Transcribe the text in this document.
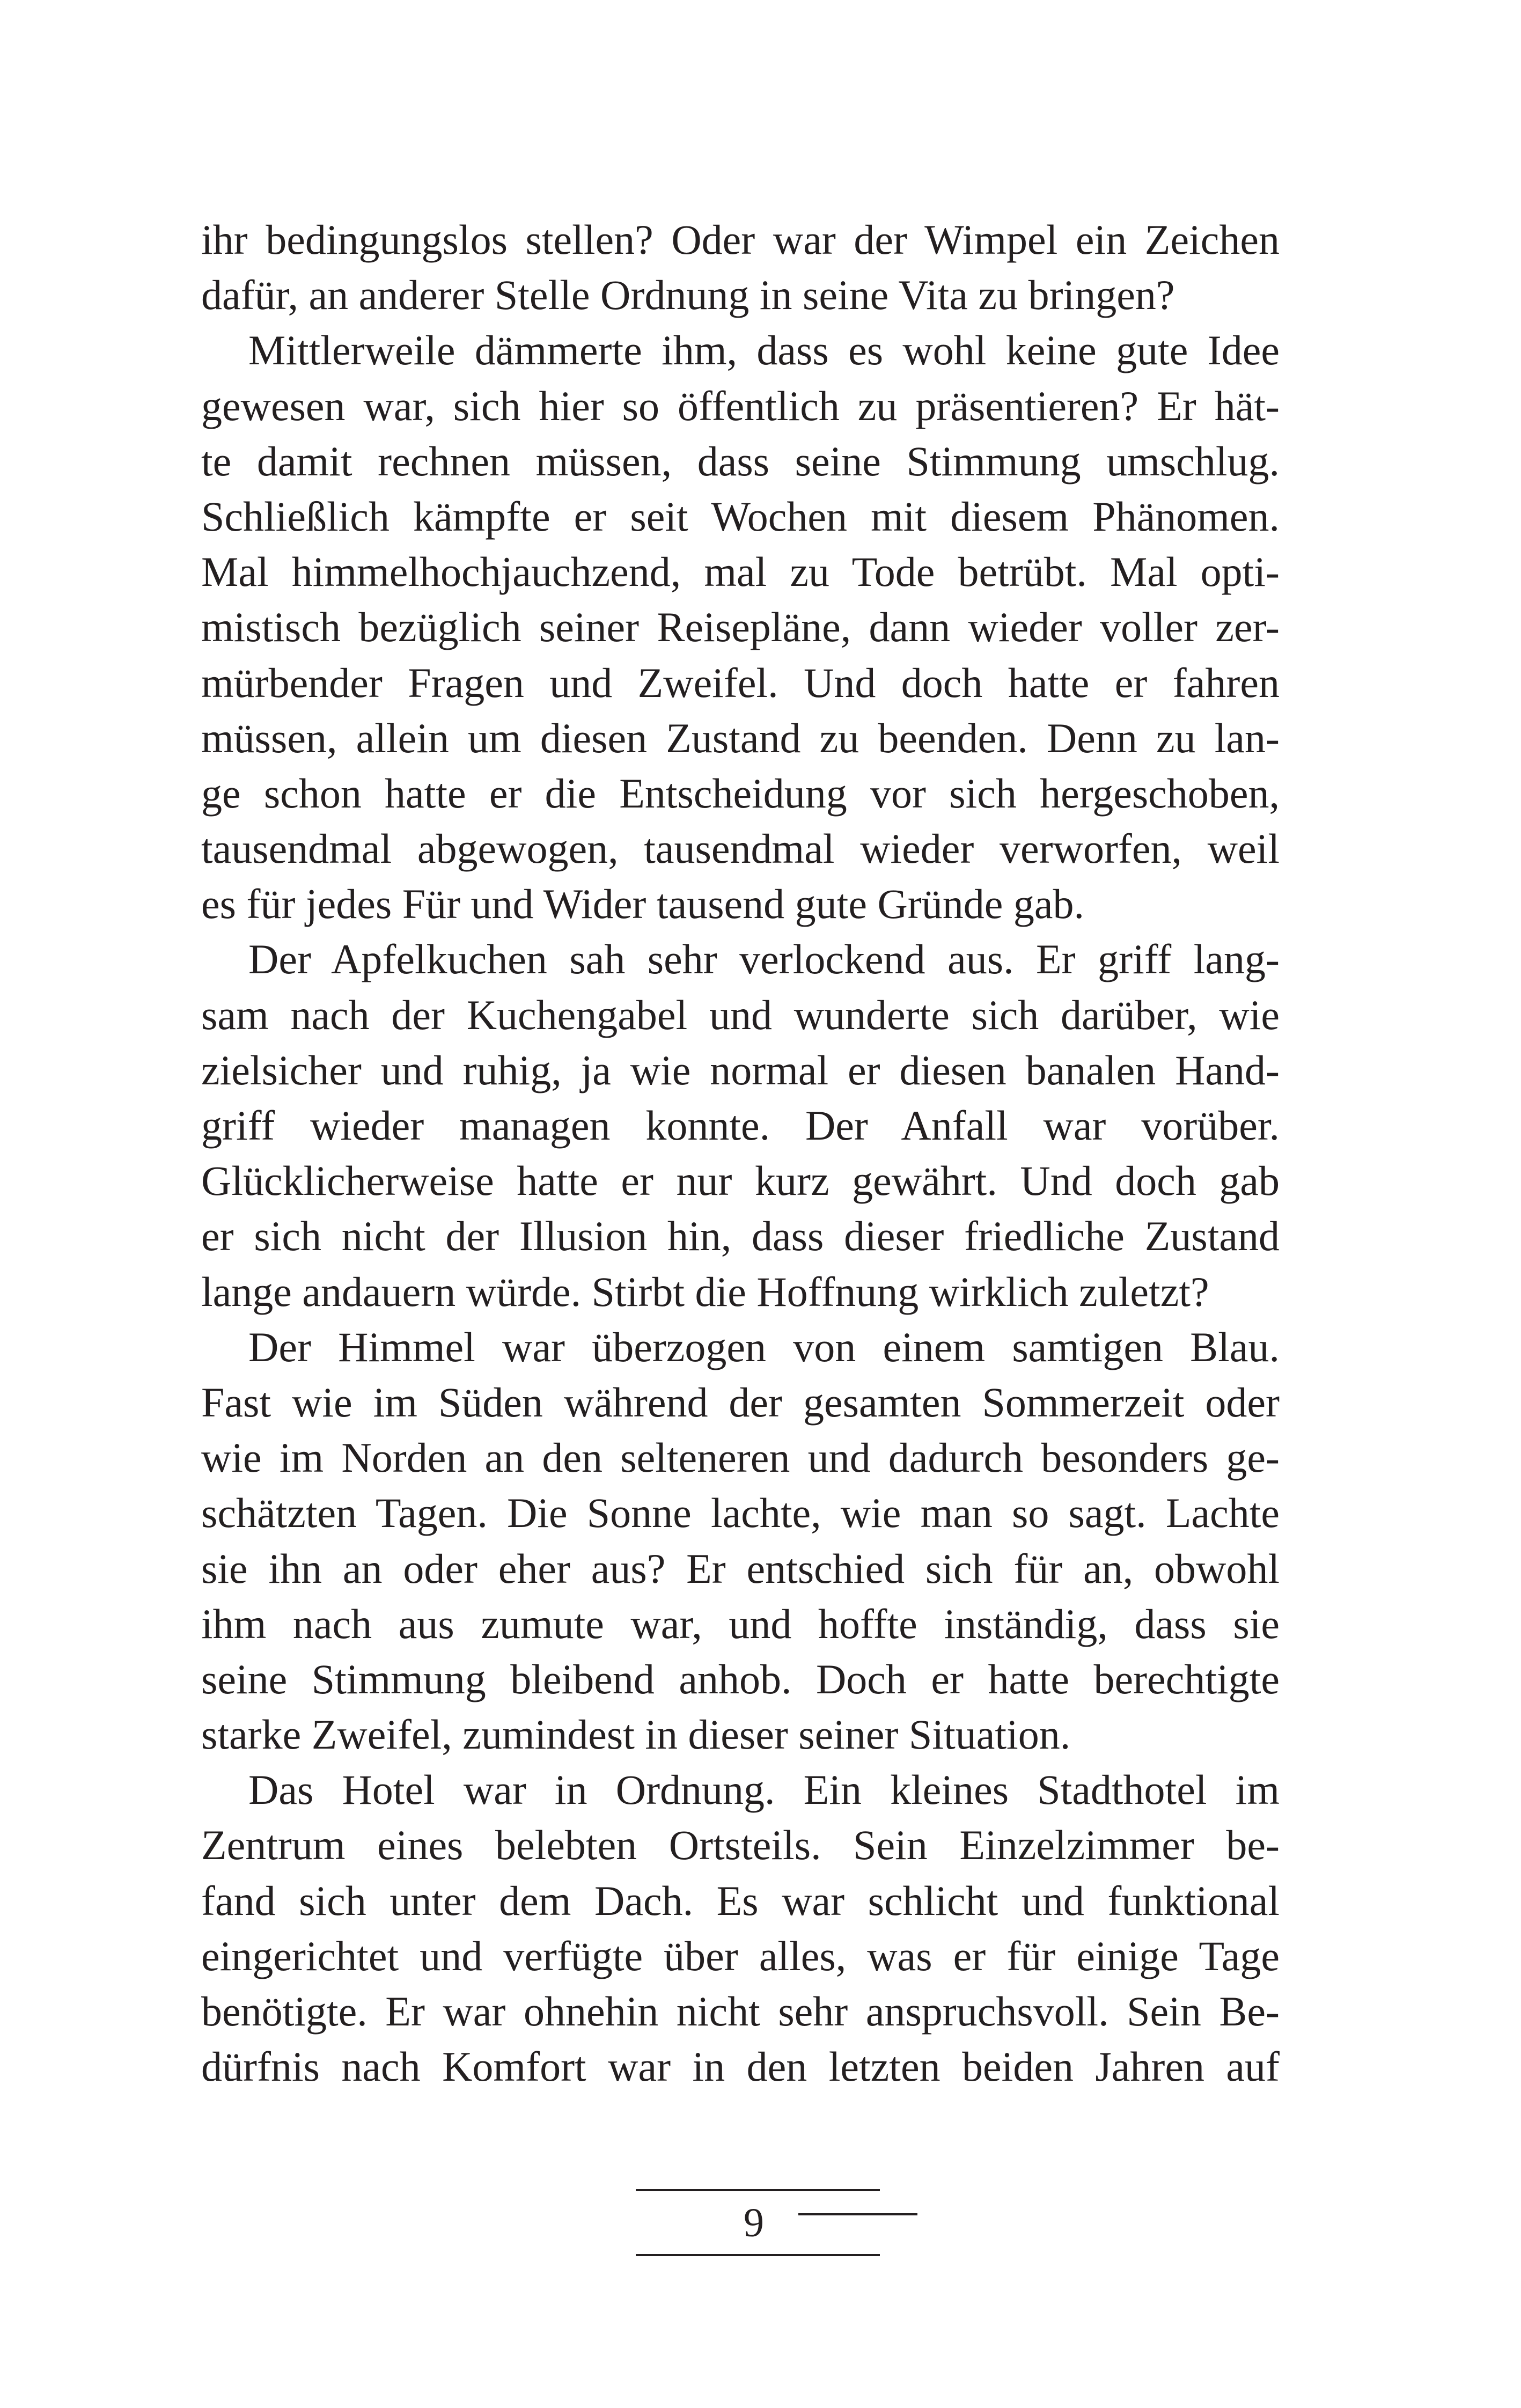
ihr bedingungslos stellen? Oder war der Wimpel ein Zeichen
dafür, an anderer Stelle Ordnung in seine Vita zu bringen?
Mittlerweile dämmerte ihm, dass es wohl keine gute Idee
gewesen war, sich hier so öffentlich zu präsentieren? Er hät-
te damit rechnen müssen, dass seine Stimmung umschlug.
Schließlich kämpfte er seit Wochen mit diesem Phänomen.
Mal himmelhochjauchzend, mal zu Tode betrübt. Mal opti-
mistisch bezüglich seiner Reisepläne, dann wieder voller zer-
mürbender Fragen und Zweifel. Und doch hatte er fahren
müssen, allein um diesen Zustand zu beenden. Denn zu lan-
ge schon hatte er die Entscheidung vor sich hergeschoben,
tausendmal abgewogen, tausendmal wieder verworfen, weil
es für jedes Für und Wider tausend gute Gründe gab.
Der Apfelkuchen sah sehr verlockend aus. Er griff lang-
sam nach der Kuchengabel und wunderte sich darüber, wie
zielsicher und ruhig, ja wie normal er diesen banalen Hand-
griff wieder managen konnte. Der Anfall war vorüber.
Glücklicherweise hatte er nur kurz gewährt. Und doch gab
er sich nicht der Illusion hin, dass dieser friedliche Zustand
lange andauern würde. Stirbt die Hoffnung wirklich zuletzt?
Der Himmel war überzogen von einem samtigen Blau.
Fast wie im Süden während der gesamten Sommerzeit oder
wie im Norden an den selteneren und dadurch besonders ge-
schätzten Tagen. Die Sonne lachte, wie man so sagt. Lachte
sie ihn an oder eher aus? Er entschied sich für an, obwohl
ihm nach aus zumute war, und hoffte inständig, dass sie
seine Stimmung bleibend anhob. Doch er hatte berechtigte
starke Zweifel, zumindest in dieser seiner Situation.
Das Hotel war in Ordnung. Ein kleines Stadthotel im
Zentrum eines belebten Ortsteils. Sein Einzelzimmer be-
fand sich unter dem Dach. Es war schlicht und funktional
eingerichtet und verfügte über alles, was er für einige Tage
benötigte. Er war ohnehin nicht sehr anspruchsvoll. Sein Be-
dürfnis nach Komfort war in den letzten beiden Jahren auf
9
